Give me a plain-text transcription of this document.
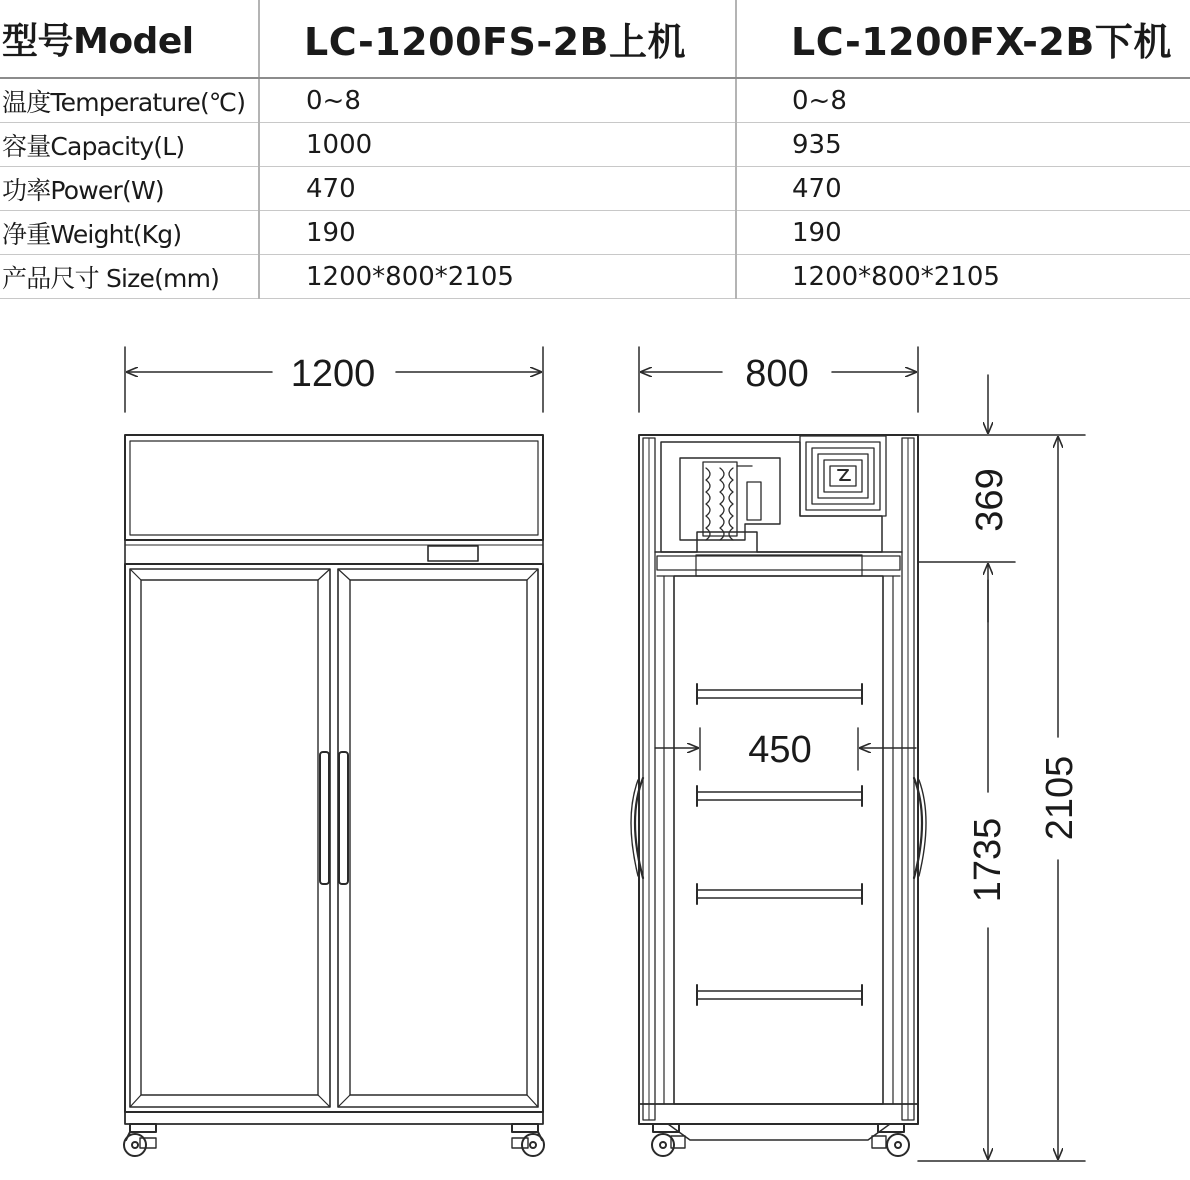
型号Model	LC-1200FS-2B上机	LC-1200FX-2B下机
温度Temperature(℃)	0~8	0~8
容量Capacity(L)	1000	935
功率Power(W)	470	470
净重Weight(Kg)	190	190
产品尺寸 Size(mm)	1200*800*2105	1200*800*2105
1200	800
450
369
1735
2105
